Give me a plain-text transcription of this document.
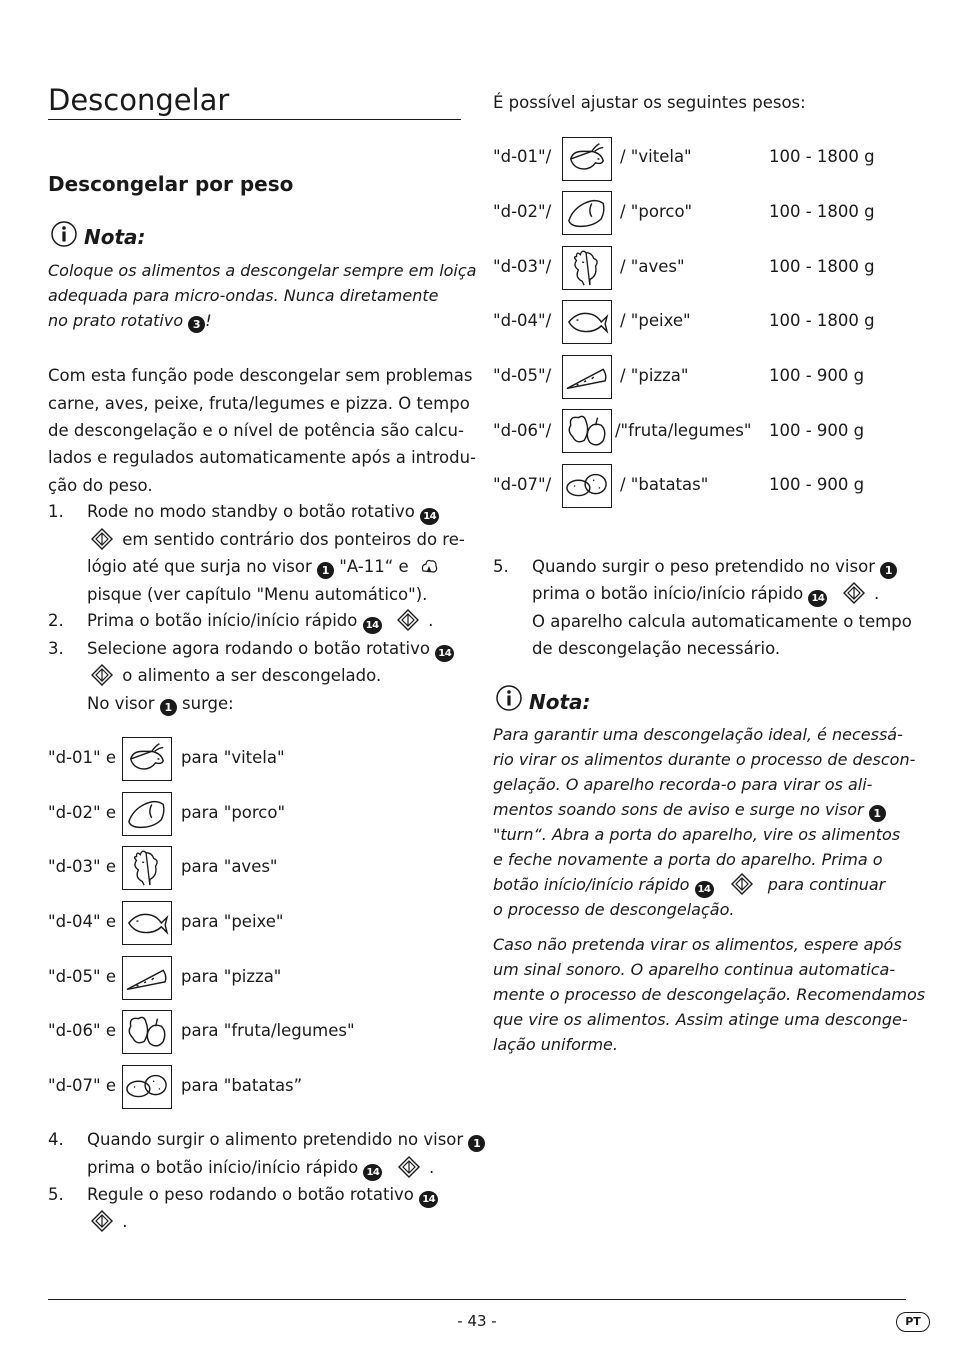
Descongelar
Descongelar por peso
Nota:
Coloque os alimentos a descongelar sempre em loiça
adequada para micro-ondas. Nunca diretamente
no prato rotativo 3 !
Com esta função pode descongelar sem problemas
carne, aves, peixe, fruta/legumes e pizza. O tempo
de descongelação e o nível de potência são calcu-
lados e regulados automaticamente após a introdu-
ção do peso.
1. Rode no modo standby o botão rotativo 14
em sentido contrário dos ponteiros do re-
lógio até que surja no visor 1 "A-11“ e
pisque (ver capítulo "Menu automático").
2. Prima o botão início/início rápido 14	.
3. Selecione agora rodando o botão rotativo 14
o alimento a ser descongelado.
No visor 1 surge:
"d-01" e	para "vitela"
"d-02" e	para "porco"
"d-03" e	para "aves"
"d-04" e	para "peixe"
"d-05" e	para "pizza"
"d-06" e	para "fruta/legumes"
"d-07" e	para "batatas”
4. Quando surgir o alimento pretendido no visor 1
prima o botão início/início rápido 14	.
5. Regule o peso rodando o botão rotativo 14
.
É possível ajustar os seguintes pesos:
"d-01"/	/ "vitela"	100 - 1800 g
"d-02"/	/ "porco"	100 - 1800 g
"d-03"/	/ "aves"	100 - 1800 g
"d-04"/	/ "peixe"	100 - 1800 g
"d-05"/	/ "pizza"	100 - 900 g
"d-06"/	/"fruta/legumes" 100 - 900 g
"d-07"/	/ "batatas"	100 - 900 g
5. Quando surgir o peso pretendido no visor 1
prima o botão início/início rápido 14	.
O aparelho calcula automaticamente o tempo
de descongelação necessário.
Nota:
Para garantir uma descongelação ideal, é necessá-
rio virar os alimentos durante o processo de descon-
gelação. O aparelho recorda-o para virar os ali-
mentos soando sons de aviso e surge no visor 1
"turn“. Abra a porta do aparelho, vire os alimentos
e feche novamente a porta do aparelho. Prima o
botão início/início rápido 14	para continuar
o processo de descongelação.
Caso não pretenda virar os alimentos, espere após
um sinal sonoro. O aparelho continua automatica-
mente o processo de descongelação. Recomendamos
que vire os alimentos. Assim atinge uma desconge-
lação uniforme.
- 43 -	PT
